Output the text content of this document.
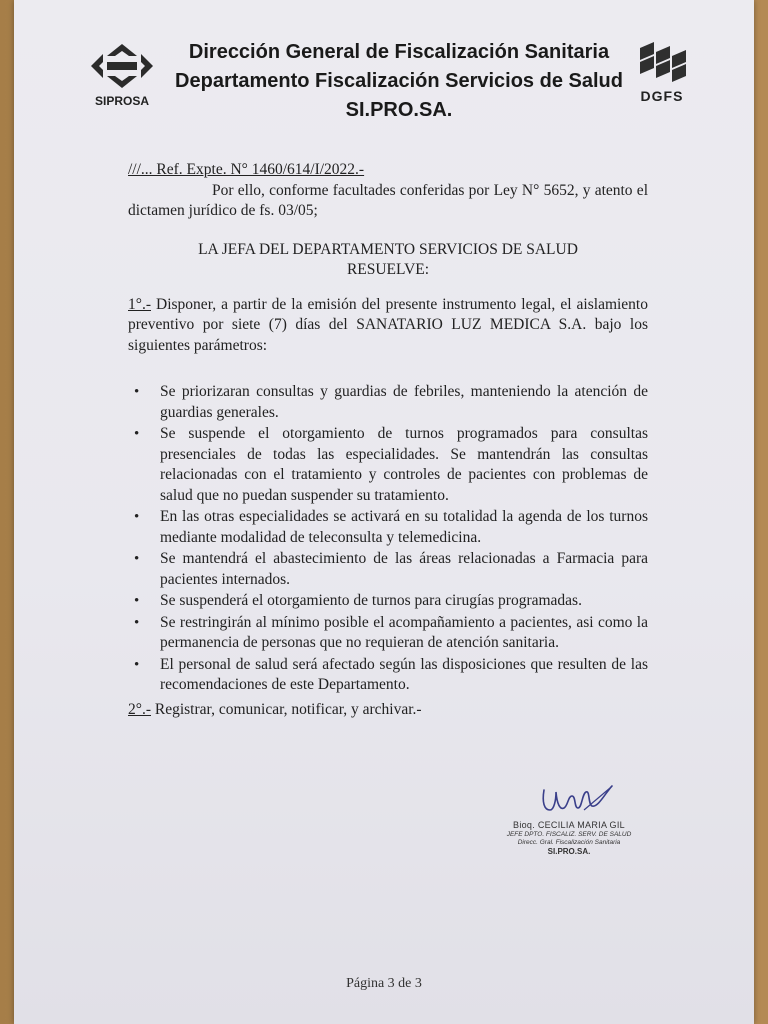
SIPROSA
Dirección General de Fiscalización Sanitaria
Departamento Fiscalización Servicios de Salud
SI.PRO.SA.
DGFS
///... Ref. Expte. N° 1460/614/I/2022.-
Por ello, conforme facultades conferidas por Ley N° 5652, y atento el dictamen jurídico de fs. 03/05;
LA JEFA DEL DEPARTAMENTO SERVICIOS DE SALUD
RESUELVE:
1°.- Disponer, a partir de la emisión del presente instrumento legal, el aislamiento preventivo por siete (7) días del SANATARIO LUZ MEDICA S.A. bajo los siguientes parámetros:
• Se priorizaran consultas y guardias de febriles, manteniendo la atención de guardias generales.
• Se suspende el otorgamiento de turnos programados para consultas presenciales de todas las especialidades. Se mantendrán las consultas relacionadas con el tratamiento y controles de pacientes con problemas de salud que no puedan suspender su tratamiento.
• En las otras especialidades se activará en su totalidad la agenda de los turnos mediante modalidad de teleconsulta y telemedicina.
• Se mantendrá el abastecimiento de las áreas relacionadas a Farmacia para pacientes internados.
• Se suspenderá el otorgamiento de turnos para cirugías programadas.
• Se restringirán al mínimo posible el acompañamiento a pacientes, asi como la permanencia de personas que no requieran de atención sanitaria.
• El personal de salud será afectado según las disposiciones que resulten de las recomendaciones de este Departamento.
2°.- Registrar, comunicar, notificar, y archivar.-
Bioq. CECILIA MARIA GIL
JEFE DPTO. FISCALIZ. SERV. DE SALUD
Direcc. Gral. Fiscalización Sanitaria
SI.PRO.SA.
Página 3 de 3
